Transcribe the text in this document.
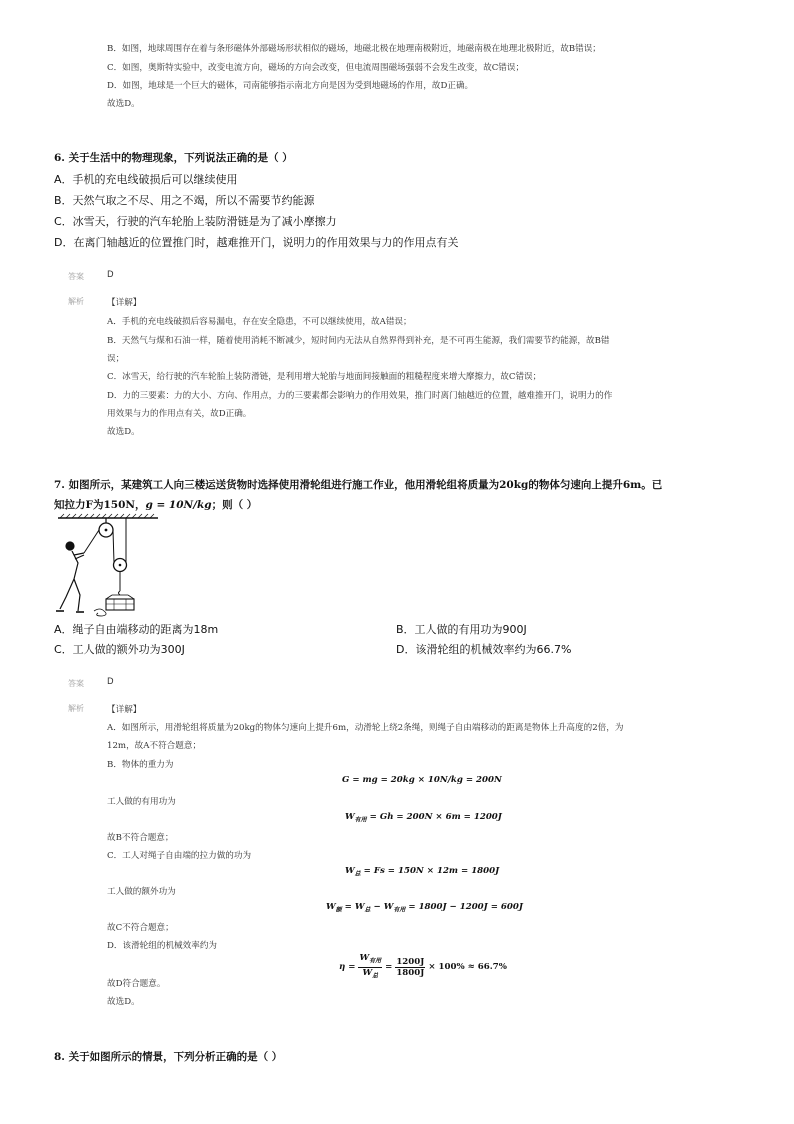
B．如图，地球周围存在着与条形磁体外部磁场形状相似的磁场，地磁北极在地理南极附近，地磁南极在地理北极附近，故B错误；
C．如图，奥斯特实验中，改变电流方向，磁场的方向会改变，但电流周围磁场强弱不会发生改变，故C错误；
D．如图，地球是一个巨大的磁体，司南能够指示南北方向是因为受到地磁场的作用，故D正确。
故选D。
6. 关于生活中的物理现象，下列说法正确的是（ ）
A．手机的充电线破损后可以继续使用
B．天然气取之不尽、用之不竭，所以不需要节约能源
C．冰雪天，行驶的汽车轮胎上装防滑链是为了减小摩擦力
D．在离门轴越近的位置推门时，越难推开门，说明力的作用效果与力的作用点有关
答案	D
解析	【详解】
A．手机的充电线破损后容易漏电，存在安全隐患，不可以继续使用，故A错误；
B．天然气与煤和石油一样，随着使用消耗不断减少，短时间内无法从自然界得到补充，是不可再生能源，我们需要节约能源，故B错
误；
C．冰雪天，给行驶的汽车轮胎上装防滑链，是利用增大轮胎与地面间接触面的粗糙程度来增大摩擦力，故C错误；
D．力的三要素：力的大小、方向、作用点，力的三要素都会影响力的作用效果，推门时离门轴越近的位置，越难推开门，说明力的作
用效果与力的作用点有关，故D正确。
故选D。
7. 如图所示，某建筑工人向三楼运送货物时选择使用滑轮组进行施工作业，他用滑轮组将质量为20kg的物体匀速向上提升6m。已
知拉力F为150N，g = 10N/kg；则（ ）
A．绳子自由端移动的距离为18m	B．工人做的有用功为900J
C．工人做的额外功为300J	D．该滑轮组的机械效率约为66.7%
答案	D
解析	【详解】
A．如图所示，用滑轮组将质量为20kg的物体匀速向上提升6m，动滑轮上绕2条绳，则绳子自由端移动的距离是物体上升高度的2倍，为
12m，故A不符合题意；
B．物体的重力为
G = mg = 20kg × 10N/kg = 200N
工人做的有用功为
$W_{有用} = Gh = 200N \times 6m = 1200J$
故B不符合题意；
C．工人对绳子自由端的拉力做的功为
$W_总 = Fs = 150N \times 12m = 1800J$
工人做的额外功为
$W_额 = W_总 - W_{有用} = 1800J - 1200J = 600J$
故C不符合题意；
D．该滑轮组的机械效率约为
η =
$W_{有用}$
$W_总$
= $\frac{1200J}{1800J} \times 100\% \approx 66.7\%$
故D符合题意。
故选D。
8. 关于如图所示的情景，下列分析正确的是（ ）
